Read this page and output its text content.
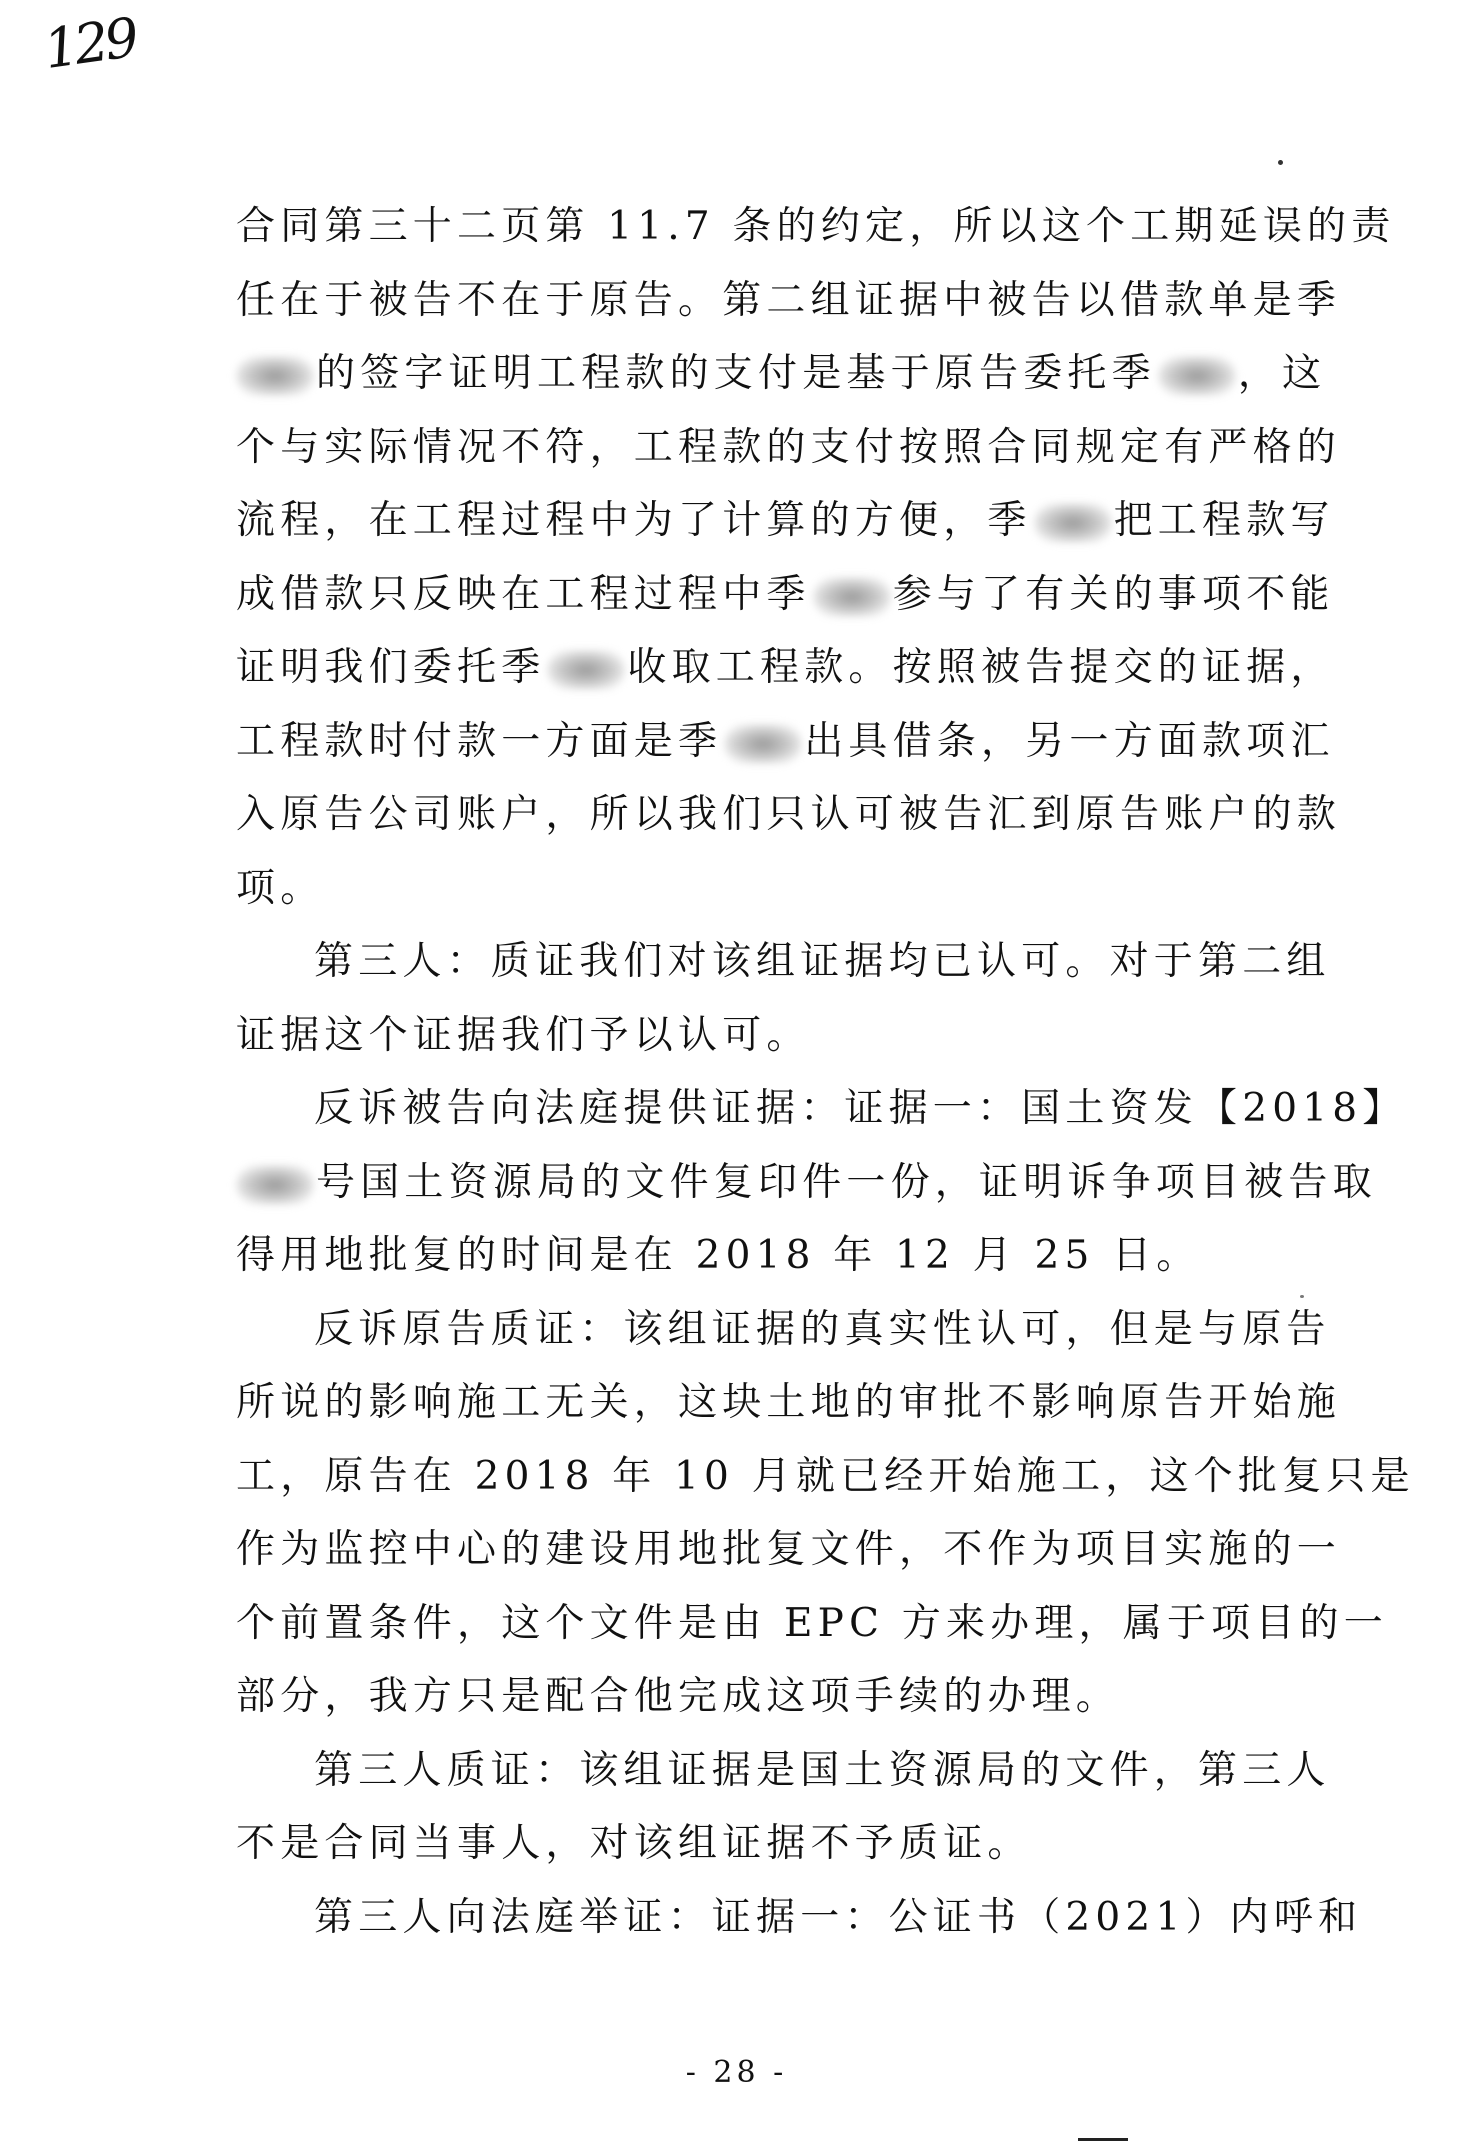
129
合同第三十二页第 11.7 条的约定，所以这个工期延误的责
任在于被告不在于原告。第二组证据中被告以借款单是季
的签字证明工程款的支付是基于原告委托季 ，这
个与实际情况不符，工程款的支付按照合同规定有严格的
流程，在工程过程中为了计算的方便，季 把工程款写
成借款只反映在工程过程中季 参与了有关的事项不能
证明我们委托季 收取工程款。按照被告提交的证据，
工程款时付款一方面是季 出具借条，另一方面款项汇
入原告公司账户，所以我们只认可被告汇到原告账户的款
项。
第三人：质证我们对该组证据均已认可。对于第二组
证据这个证据我们予以认可。
反诉被告向法庭提供证据：证据一：国土资发【2018】
号国土资源局的文件复印件一份，证明诉争项目被告取
得用地批复的时间是在 2018 年 12 月 25 日。
反诉原告质证：该组证据的真实性认可，但是与原告
所说的影响施工无关，这块土地的审批不影响原告开始施
工，原告在 2018 年 10 月就已经开始施工，这个批复只是
作为监控中心的建设用地批复文件，不作为项目实施的一
个前置条件，这个文件是由 EPC 方来办理，属于项目的一
部分，我方只是配合他完成这项手续的办理。
第三人质证：该组证据是国土资源局的文件，第三人
不是合同当事人，对该组证据不予质证。
第三人向法庭举证：证据一：公证书（2021）内呼和
- 28 -
